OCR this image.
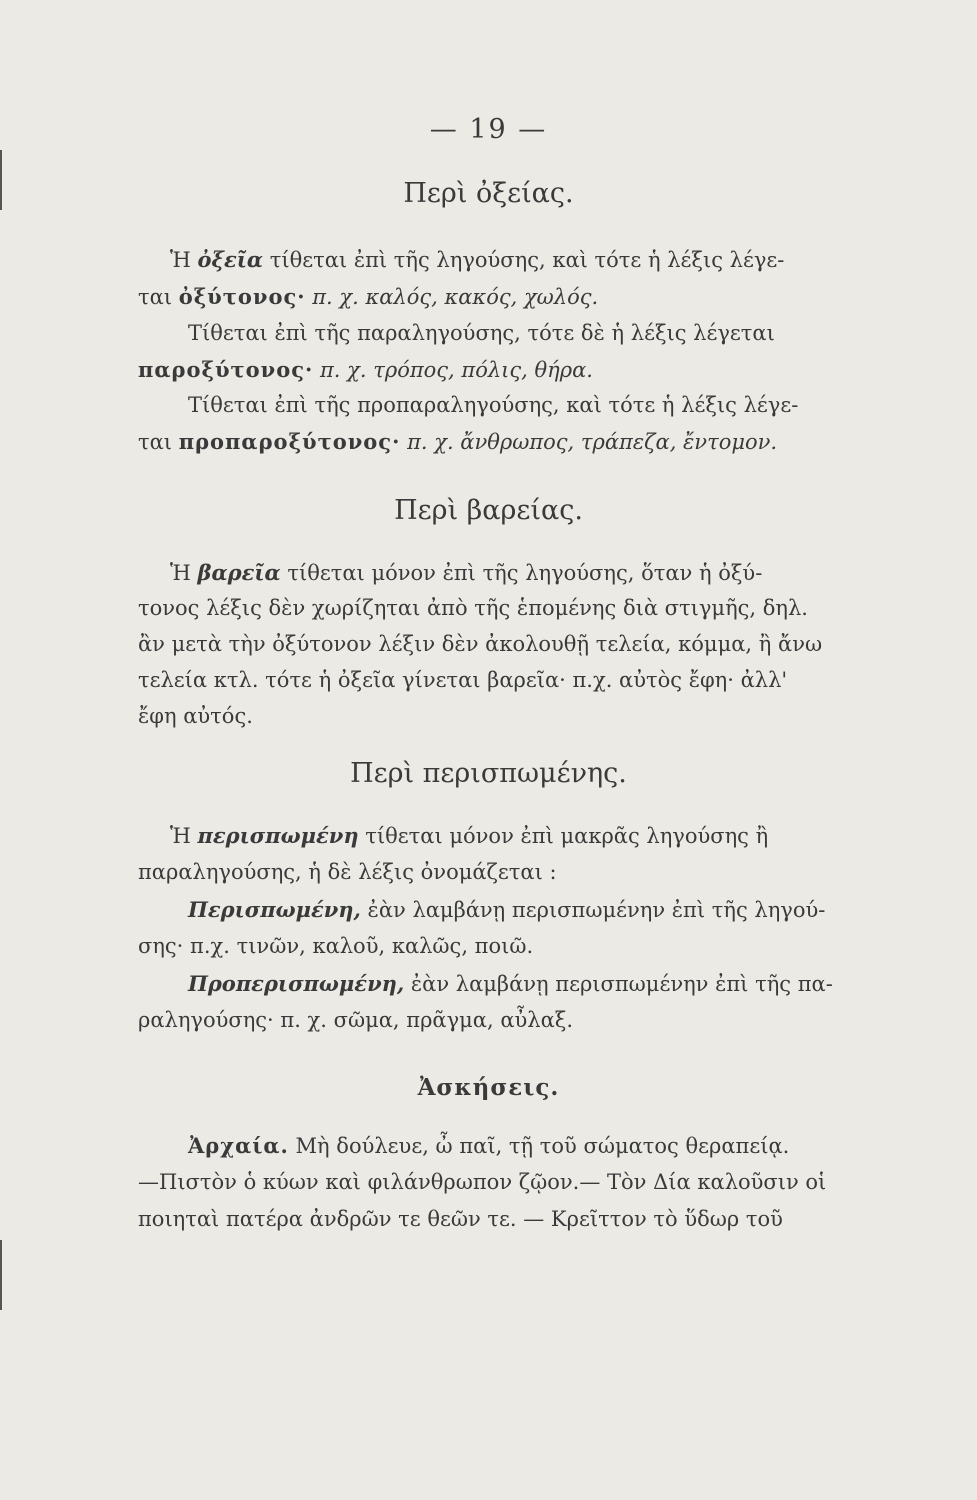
— 19 —
Περὶ ὀξείας.
Ἡ ὀξεῖα τίθεται ἐπὶ τῆς ληγούσης, καὶ τότε ἡ λέξις λέγε-
ται ὀξύτονος· π. χ. καλός, κακός, χωλός.
Τίθεται ἐπὶ τῆς παραληγούσης, τότε δὲ ἡ λέξις λέγεται
παροξύτονος· π. χ. τρόπος, πόλις, θήρα.
Τίθεται ἐπὶ τῆς προπαραληγούσης, καὶ τότε ἡ λέξις λέγε-
ται προπαροξύτονος· π. χ. ἄνθρωπος, τράπεζα, ἔντομον.
Περὶ βαρείας.
Ἡ βαρεῖα τίθεται μόνον ἐπὶ τῆς ληγούσης, ὅταν ἡ ὀξύ-
τονος λέξις δὲν χωρίζηται ἀπὸ τῆς ἑπομένης διὰ στιγμῆς, δηλ.
ἂν μετὰ τὴν ὀξύτονον λέξιν δὲν ἀκολουθῇ τελεία, κόμμα, ἢ ἄνω
τελεία κτλ. τότε ἡ ὀξεῖα γίνεται βαρεῖα· π.χ. αὐτὸς ἔφη· ἀλλ'
ἔφη αὐτός.
Περὶ περισπωμένης.
Ἡ περισπωμένη τίθεται μόνον ἐπὶ μακρᾶς ληγούσης ἢ
παραληγούσης, ἡ δὲ λέξις ὀνομάζεται :
Περισπωμένη, ἐὰν λαμβάνῃ περισπωμένην ἐπὶ τῆς ληγού-
σης· π.χ. τινῶν, καλοῦ, καλῶς, ποιῶ.
Προπερισπωμένη, ἐὰν λαμβάνῃ περισπωμένην ἐπὶ τῆς πα-
ραληγούσης· π. χ. σῶμα, πρᾶγμα, αὖλαξ.
Ἀσκήσεις.
Ἀρχαία. Μὴ δούλευε, ὦ παῖ, τῇ τοῦ σώματος θεραπείᾳ.
—Πιστὸν ὁ κύων καὶ φιλάνθρωπον ζῷον.— Τὸν Δία καλοῦσιν οἱ
ποιηταὶ πατέρα ἀνδρῶν τε θεῶν τε. — Κρεῖττον τὸ ὕδωρ τοῦ
